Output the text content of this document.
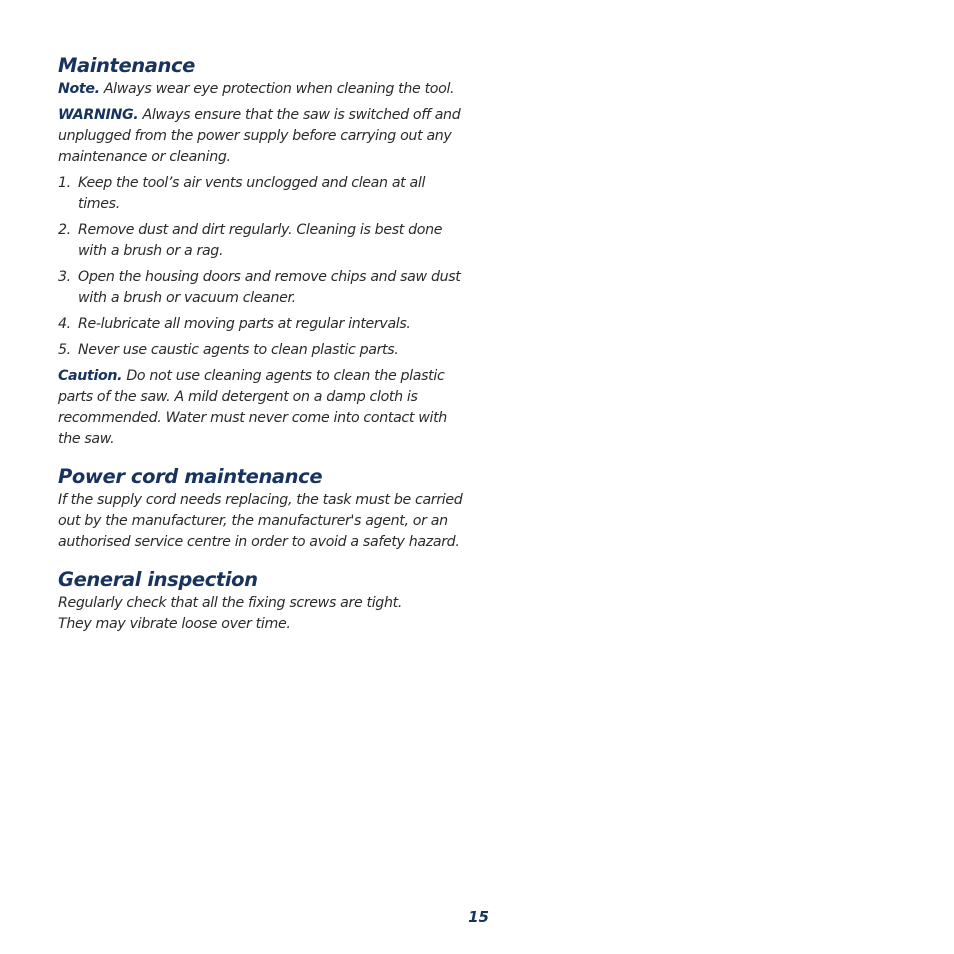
Maintenance

Note. Always wear eye protection when cleaning the tool.

WARNING. Always ensure that the saw is switched off and unplugged from the power supply before carrying out any maintenance or cleaning.

1. Keep the tool’s air vents unclogged and clean at all times.
2. Remove dust and dirt regularly. Cleaning is best done with a brush or a rag.
3. Open the housing doors and remove chips and saw dust with a brush or vacuum cleaner.
4. Re-lubricate all moving parts at regular intervals.
5. Never use caustic agents to clean plastic parts.

Caution. Do not use cleaning agents to clean the plastic parts of the saw. A mild detergent on a damp cloth is recommended. Water must never come into contact with the saw.

Power cord maintenance

If the supply cord needs replacing, the task must be carried out by the manufacturer, the manufacturer's agent, or an authorised service centre in order to avoid a safety hazard.

General inspection

Regularly check that all the fixing screws are tight.
They may vibrate loose over time.

15
